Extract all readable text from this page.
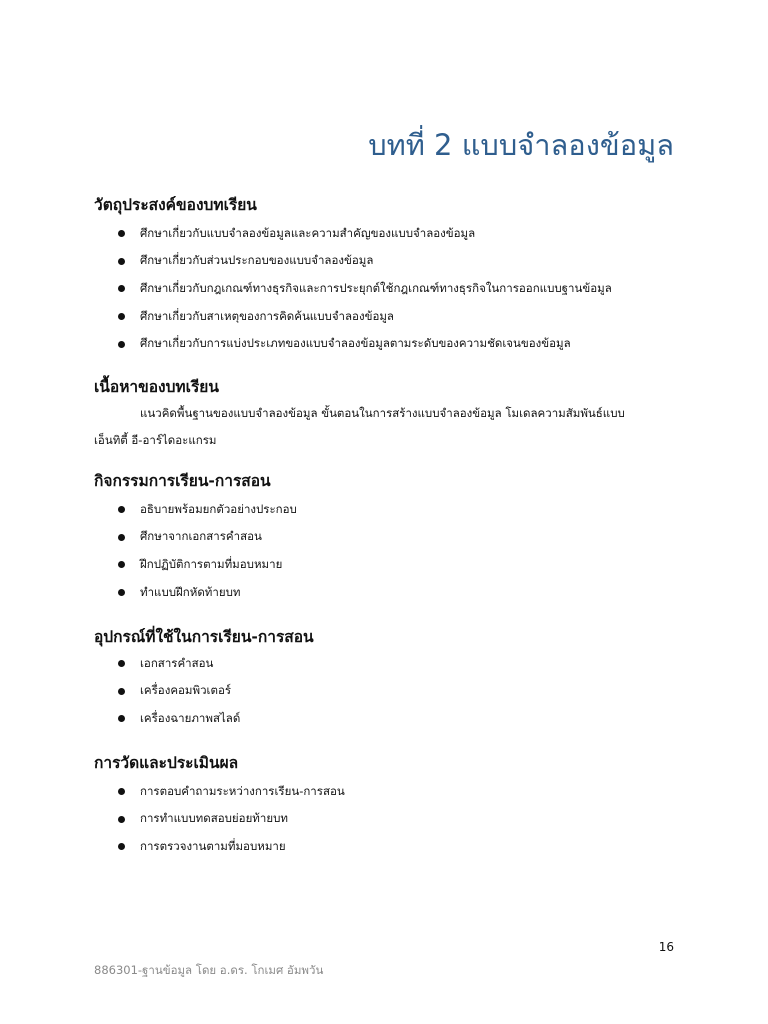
บทที่ 2 แบบจำลองข้อมูล
วัตถุประสงค์ของบทเรียน
ศึกษาเกี่ยวกับแบบจำลองข้อมูลและความสำคัญของแบบจำลองข้อมูล
ศึกษาเกี่ยวกับส่วนประกอบของแบบจำลองข้อมูล
ศึกษาเกี่ยวกับกฎเกณฑ์ทางธุรกิจและการประยุกต์ใช้กฎเกณฑ์ทางธุรกิจในการออกแบบฐานข้อมูล
ศึกษาเกี่ยวกับสาเหตุของการคิดค้นแบบจำลองข้อมูล
ศึกษาเกี่ยวกับการแบ่งประเภทของแบบจำลองข้อมูลตามระดับของความชัดเจนของข้อมูล
เนื้อหาของบทเรียน
แนวคิดพื้นฐานของแบบจำลองข้อมูล ขั้นตอนในการสร้างแบบจำลองข้อมูล โมเดลความสัมพันธ์แบบ
เอ็นทิตี้ อี-อาร์ไดอะแกรม
กิจกรรมการเรียน-การสอน
อธิบายพร้อมยกตัวอย่างประกอบ
ศึกษาจากเอกสารคำสอน
ฝึกปฏิบัติการตามที่มอบหมาย
ทำแบบฝึกหัดท้ายบท
อุปกรณ์ที่ใช้ในการเรียน-การสอน
เอกสารคำสอน
เครื่องคอมพิวเตอร์
เครื่องฉายภาพสไลด์
การวัดและประเมินผล
การตอบคำถามระหว่างการเรียน-การสอน
การทำแบบทดสอบย่อยท้ายบท
การตรวจงานตามที่มอบหมาย
16
886301-ฐานข้อมูล โดย อ.ดร. โกเมศ อัมพวัน
